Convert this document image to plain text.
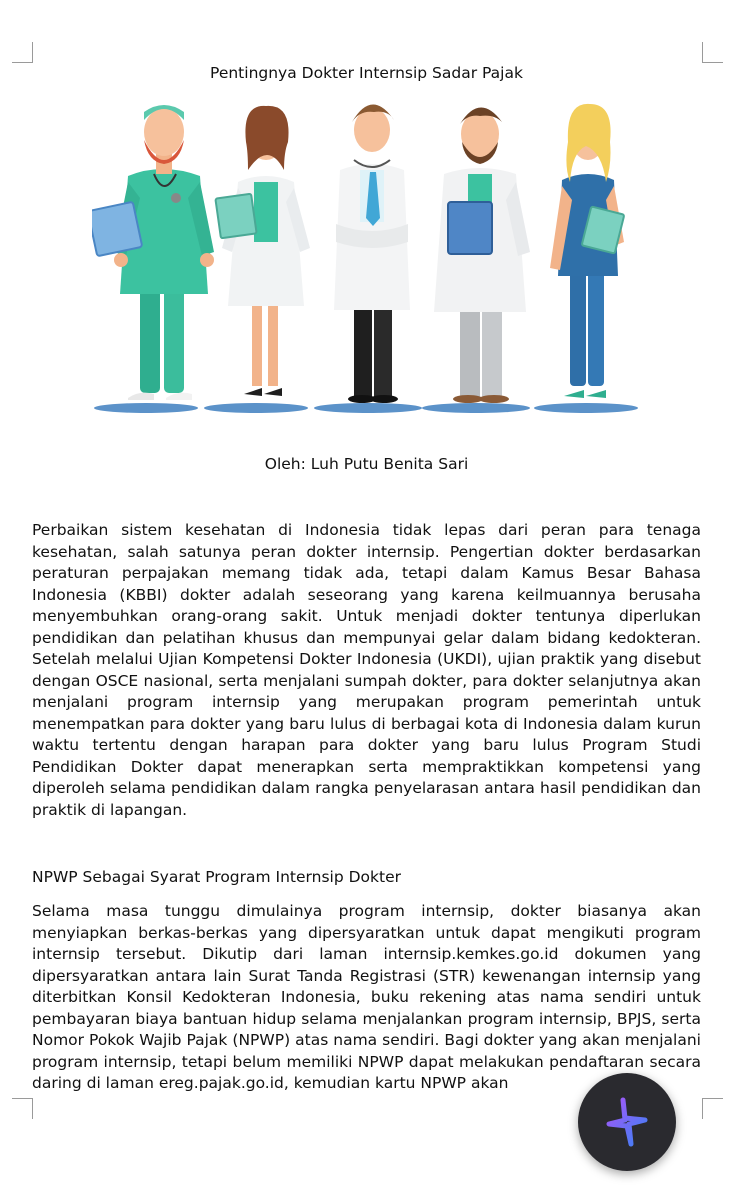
Pentingnya Dokter Internsip Sadar Pajak
Oleh: Luh Putu Benita Sari

Perbaikan sistem kesehatan di Indonesia tidak lepas dari peran para tenaga kesehatan, salah satunya peran dokter internsip. Pengertian dokter berdasarkan peraturan perpajakan memang tidak ada, tetapi dalam Kamus Besar Bahasa Indonesia (KBBI) dokter adalah seseorang yang karena keilmuannya berusaha menyembuhkan orang-orang sakit. Untuk menjadi dokter tentunya diperlukan pendidikan dan pelatihan khusus dan mempunyai gelar dalam bidang kedokteran. Setelah melalui Ujian Kompetensi Dokter Indonesia (UKDI), ujian praktik yang disebut dengan OSCE nasional, serta menjalani sumpah dokter, para dokter selanjutnya akan menjalani program internsip yang merupakan program pemerintah untuk menempatkan para dokter yang baru lulus di berbagai kota di Indonesia dalam kurun waktu tertentu dengan harapan para dokter yang baru lulus Program Studi Pendidikan Dokter dapat menerapkan serta mempraktikkan kompetensi yang diperoleh selama pendidikan dalam rangka penyelarasan antara hasil pendidikan dan praktik di lapangan.

NPWP Sebagai Syarat Program Internsip Dokter

Selama masa tunggu dimulainya program internsip, dokter biasanya akan menyiapkan berkas-berkas yang dipersyaratkan untuk dapat mengikuti program internsip tersebut. Dikutip dari laman internsip.kemkes.go.id dokumen yang dipersyaratkan antara lain Surat Tanda Registrasi (STR) kewenangan internsip yang diterbitkan Konsil Kedokteran Indonesia, buku rekening atas nama sendiri untuk pembayaran biaya bantuan hidup selama menjalankan program internsip, BPJS, serta Nomor Pokok Wajib Pajak (NPWP) atas nama sendiri. Bagi dokter yang akan menjalani program internsip, tetapi belum memiliki NPWP dapat melakukan pendaftaran secara daring di laman ereg.pajak.go.id, kemudian kartu NPWP akan
